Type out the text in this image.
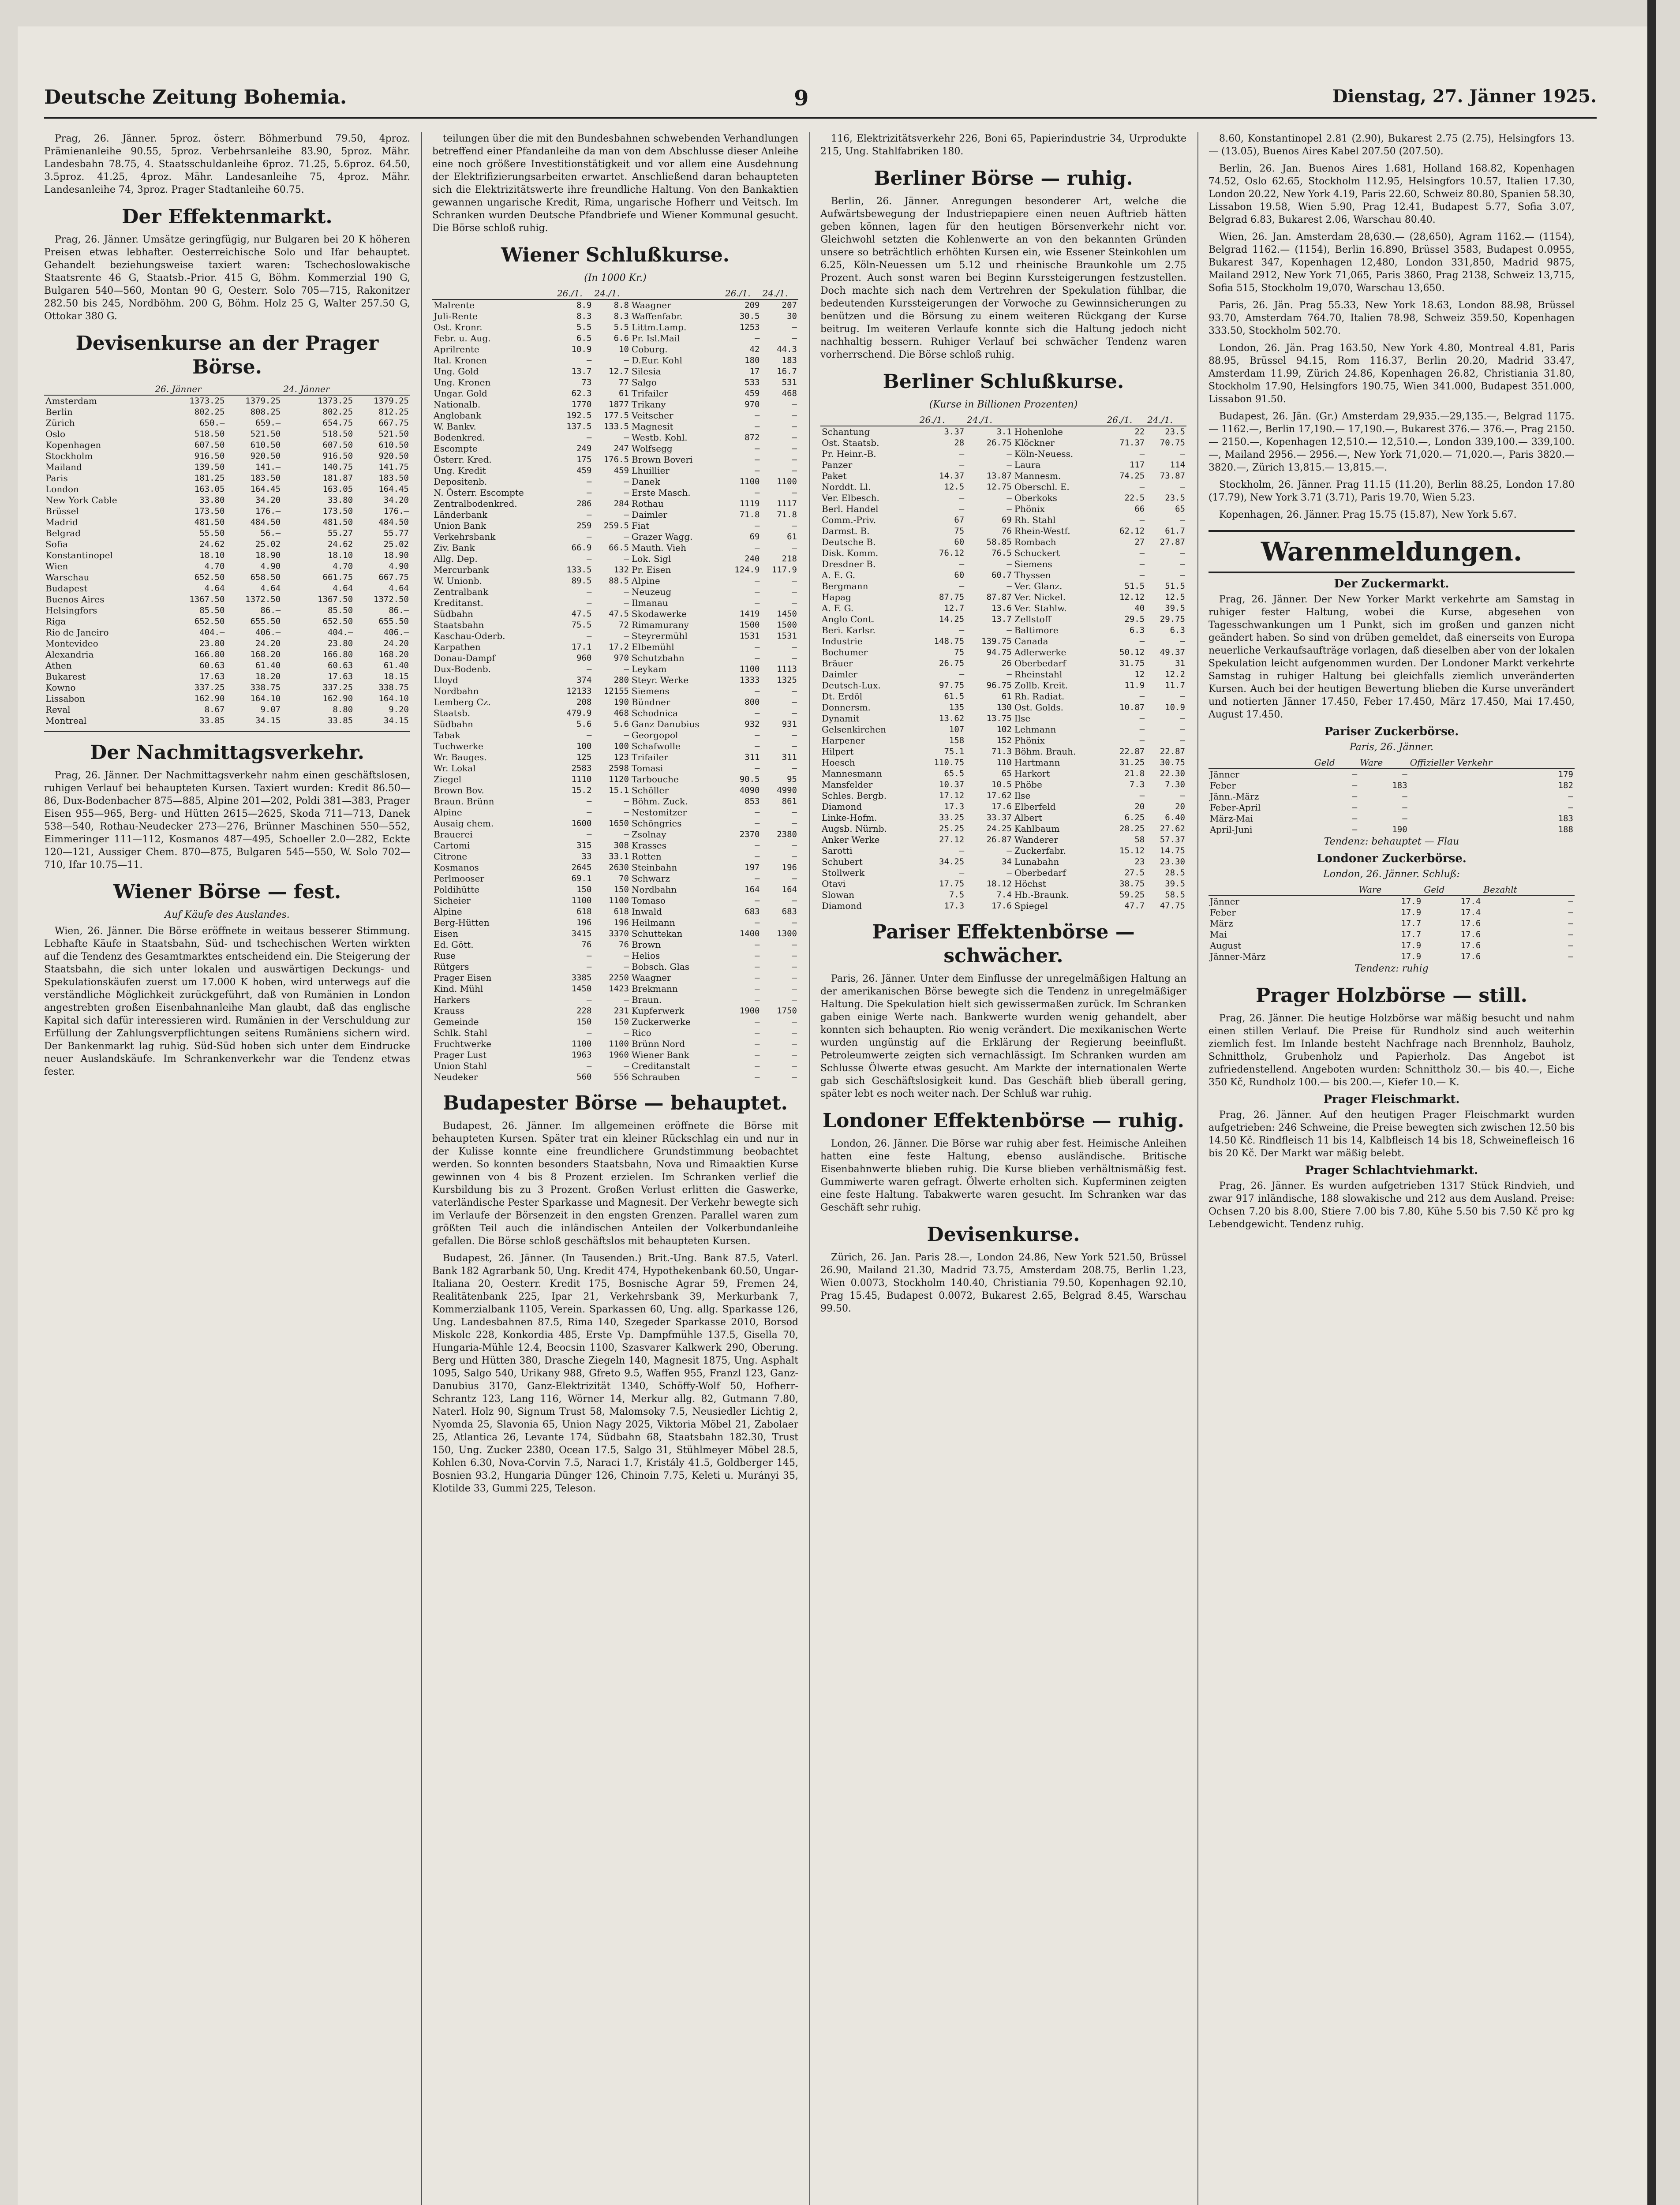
Deutsche Zeitung Bohemia.	9	Dienstag, 27. Jänner 1925.

Prag, 26. Jänner. 5proz. österr. Böhmerbund 79.50, 4proz. Prämienanleihe 90.55, 5proz. Verbehrsanleihe 83.90, 5proz. Mähr. Landesbahn 78.75, 4. Staatsschuldanleihe 6proz. 71.25, 5.6proz. 64.50, 3.5proz. 41.25, 4proz. Mähr. Landesanleihe 75, 4proz. Mähr. Landesanleihe 74, 3proz. Prager Stadtanleihe 60.75.

Der Effektenmarkt.

Prag, 26. Jänner. Umsätze geringfügig, nur Bulgaren bei 20 K höheren Preisen etwas lebhafter. Oesterreichische Solo und Ifar behauptet. Gehandelt beziehungsweise taxiert waren: Tschechoslowakische Staatsrente 46 G, Staatsb.-Prior. 415 G, Böhm. Kommerzial 190 G, Bulgaren 540—560, Montan 90 G, Oesterr. Solo 705—715, Rakonitzer 282.50 bis 245, Nordböhm. 200 G, Böhm. Holz 25 G, Walter 257.50 G, Ottokar 380 G.

Devisenkurse an der Prager Börse.
	26. Jänner		24. Jänner	
Amsterdam	1373.25	1379.25	1373.25	1379.25
Berlin	802.25	808.25	802.25	812.25
Zürich	650.—	659.—	654.75	667.75
Oslo	518.50	521.50	518.50	521.50
Kopenhagen	607.50	610.50	607.50	610.50
Stockholm	916.50	920.50	916.50	920.50
Mailand	139.50	141.—	140.75	141.75
Paris	181.25	183.50	181.87	183.50
London	163.05	164.45	163.05	164.45
New York Cable	33.80	34.20	33.80	34.20
Brüssel	173.50	176.—	173.50	176.—
Madrid	481.50	484.50	481.50	484.50
Belgrad	55.50	56.—	55.27	55.77
Sofia	24.62	25.02	24.62	25.02
Konstantinopel	18.10	18.90	18.10	18.90
Wien	4.70	4.90	4.70	4.90
Warschau	652.50	658.50	661.75	667.75
Budapest	4.64	4.64	4.64	4.64
Buenos Aires	1367.50	1372.50	1367.50	1372.50
Helsingfors	85.50	86.—	85.50	86.—
Riga	652.50	655.50	652.50	655.50
Rio de Janeiro	404.—	406.—	404.—	406.—
Montevideo	23.80	24.20	23.80	24.20
Alexandria	166.80	168.20	166.80	168.20
Athen	60.63	61.40	60.63	61.40
Bukarest	17.63	18.20	17.63	18.15
Kowno	337.25	338.75	337.25	338.75
Lissabon	162.90	164.10	162.90	164.10
Reval	8.67	9.07	8.80	9.20
Montreal	33.85	34.15	33.85	34.15
Der Nachmittagsverkehr.

Prag, 26. Jänner. Der Nachmittagsverkehr nahm einen geschäftslosen, ruhigen Verlauf bei behaupteten Kursen. Taxiert wurden: Kredit 86.50—86, Dux-Bodenbacher 875—885, Alpine 201—202, Poldi 381—383, Prager Eisen 955—965, Berg- und Hütten 2615—2625, Skoda 711—713, Danek 538—540, Rothau-Neudecker 273—276, Brünner Maschinen 550—552, Eimmeringer 111—112, Kosmanos 487—495, Schoeller 2.0—282, Eckte 120—121, Aussiger Chem. 870—875, Bulgaren 545—550, W. Solo 702—710, Ifar 10.75—11.

Wiener Börse — fest.
Auf Käufe des Auslandes.

Wien, 26. Jänner. Die Börse eröffnete in weitaus besserer Stimmung. Lebhafte Käufe in Staatsbahn, Süd- und tschechischen Werten wirkten auf die Tendenz des Gesamtmarktes entscheidend ein. Die Steigerung der Staatsbahn, die sich unter lokalen und auswärtigen Deckungs- und Spekulationskäufen zuerst um 17.000 K hoben, wird unterwegs auf die verständliche Möglichkeit zurückgeführt, daß von Rumänien in London angestrebten großen Eisenbahnanleihe Man glaubt, daß das englische Kapital sich dafür interessieren wird. Rumänien in der Verschuldung zur Erfüllung der Zahlungsverpflichtungen seitens Rumäniens sichern wird. Der Bankenmarkt lag ruhig. Süd-Süd hoben sich unter dem Eindrucke neuer Auslandskäufe. Im Schrankenverkehr war die Tendenz etwas fester.

teilungen über die mit den Bundesbahnen schwebenden Verhandlungen betreffend einer Pfandanleihe da man von dem Abschlusse dieser Anleihe eine noch größere Investitionstätigkeit und vor allem eine Ausdehnung der Elektrifizierungsarbeiten erwartet. Anschließend daran behaupteten sich die Elektrizitätswerte ihre freundliche Haltung. Von den Bankaktien gewannen ungarische Kredit, Rima, ungarische Hofherr und Veitsch. Im Schranken wurden Deutsche Pfandbriefe und Wiener Kommunal gesucht. Die Börse schloß ruhig.

Wiener Schlußkurse.
(In 1000 Kr.)
	26./1.	24./1.		26./1.	24./1.
Malrente	8.9	8.8	Waagner	209	207
Juli-Rente	8.3	8.3	Waffenfabr.	30.5	30
Ost. Kronr.	5.5	5.5	Littm.Lamp.	1253	—
Febr. u. Aug.	6.5	6.6	Pr. Isl.Mail	—	—
Aprilrente	10.9	10	Coburg.	42	44.3
Ital. Kronen	—	—	D.Eur. Kohl	180	183
Ung. Gold	13.7	12.7	Silesia	17	16.7
Ung. Kronen	73	77	Salgo	533	531
Ungar. Gold	62.3	61	Trifailer	459	468
Nationalb.	1770	1877	Trikany	970	—
Anglobank	192.5	177.5	Veitscher	—	—
W. Bankv.	137.5	133.5	Magnesit	—	—
Bodenkred.	—	—	Westb. Kohl.	872	—
Escompte	249	247	Wolfsegg	—	—
Österr. Kred.	175	176.5	Brown Boveri	—	—
Ung. Kredit	459	459	Lhuillier	—	—
Depositenb.	—	—	Danek	1100	1100
N. Österr. Escompte	—	—	Erste Masch.	—	—
Zentralbodenkred.	286	284	Rothau	1119	1117
Länderbank	—	—	Daimler	71.8	71.8
Union Bank	259	259.5	Fiat	—	—
Verkehrsbank	—	—	Grazer Wagg.	69	61
Ziv. Bank	66.9	66.5	Mauth. Vieh	—	—
Allg. Dep.	—	—	Lok. Sigl	240	218
Mercurbank	133.5	132	Pr. Eisen	124.9	117.9
W. Unionb.	89.5	88.5	Alpine	—	—
Zentralbank	—	—	Neuzeug	—	—
Kreditanst.	—	—	Ilmanau	—	—
Südbahn	47.5	47.5	Skodawerke	1419	1450
Staatsbahn	75.5	72	Rimamurany	1500	1500
Kaschau-Oderb.	—	—	Steyrermühl	1531	1531
Karpathen	17.1	17.2	Elbemühl	—	—
Donau-Dampf	960	970	Schutzbahn	—	—
Dux-Bodenb.	—	—	Leykam	1100	1113
Lloyd	374	280	Steyr. Werke	1333	1325
Nordbahn	12133	12155	Siemens	—	—
Lemberg Cz.	208	190	Bündner	800	—
Staatsb.	479.9	468	Schodnica	—	—
Südbahn	5.6	5.6	Ganz Danubius	932	931
Tabak	—	—	Georgopol	—	—
Tuchwerke	100	100	Schafwolle	—	—
Wr. Bauges.	125	123	Trifailer	311	311
Wr. Lokal	2583	2598	Tomasi	—	—
Ziegel	1110	1120	Tarbouche	90.5	95
Brown Bov.	15.2	15.1	Schöller	4090	4990
Braun. Brünn	—	—	Böhm. Zuck.	853	861
Alpine	—	—	Nestomitzer	—	—
Ausaig chem.	1600	1650	Schöngries	—	—
Brauerei	—	—	Zsolnay	2370	2380
Cartomi	315	308	Krasses	—	—
Citrone	33	33.1	Rotten	—	—
Kosmanos	2645	2630	Steinbahn	197	196
Perlmooser	69.1	70	Schwarz	—	—
Poldihütte	150	150	Nordbahn	164	164
Sicheier	1100	1100	Tomaso	—	—
Alpine	618	618	Inwald	683	683
Berg-Hütten	196	196	Heilmann	—	—
Eisen	3415	3370	Schuttekan	1400	1300
Ed. Gött.	76	76	Brown	—	—
Ruse	—	—	Helios	—	—
Rütgers	—	—	Bobsch. Glas	—	—
Prager Eisen	3385	2250	Waagner	—	—
Kind. Mühl	1450	1423	Brekmann	—	—
Harkers	—	—	Braun.	—	—
Krauss	228	231	Kupferwerk	1900	1750
Gemeinde	150	150	Zuckerwerke	—	—
Schlk. Stahl	—	—	Rico	—	—
Fruchtwerke	1100	1100	Brünn Nord	—	—
Prager Lust	1963	1960	Wiener Bank	—	—
Union Stahl	—	—	Creditanstalt	—	—
Neudeker	560	556	Schrauben	—	—
Budapester Börse — behauptet.

Budapest, 26. Jänner. Im allgemeinen eröffnete die Börse mit behaupteten Kursen. Später trat ein kleiner Rückschlag ein und nur in der Kulisse konnte eine freundlichere Grundstimmung beobachtet werden. So konnten besonders Staatsbahn, Nova und Rimaaktien Kurse gewinnen von 4 bis 8 Prozent erzielen. Im Schranken verlief die Kursbildung bis zu 3 Prozent. Großen Verlust erlitten die Gaswerke, vaterländische Pester Sparkasse und Magnesit. Der Verkehr bewegte sich im Verlaufe der Börsenzeit in den engsten Grenzen. Parallel waren zum größten Teil auch die inländischen Anteilen der Volkerbundanleihe gefallen. Die Börse schloß geschäftslos mit behaupteten Kursen.

Budapest, 26. Jänner. (In Tausenden.) Brit.-Ung. Bank 87.5, Vaterl. Bank 182 Agrarbank 50, Ung. Kredit 474, Hypothekenbank 60.50, Ungar-Italiana 20, Oesterr. Kredit 175, Bosnische Agrar 59, Fremen 24, Realitätenbank 225, Ipar 21, Verkehrsbank 39, Merkurbank 7, Kommerzialbank 1105, Verein. Sparkassen 60, Ung. allg. Sparkasse 126, Ung. Landesbahnen 87.5, Rima 140, Szegeder Sparkasse 2010, Borsod Miskolc 228, Konkordia 485, Erste Vp. Dampfmühle 137.5, Gisella 70, Hungaria-Mühle 12.4, Beocsin 1100, Szasvarer Kalkwerk 290, Oberung. Berg und Hütten 380, Drasche Ziegeln 140, Magnesit 1875, Ung. Asphalt 1095, Salgo 540, Urikany 988, Gfreto 9.5, Waffen 955, Franzl 123, Ganz-Danubius 3170, Ganz-Elektrizität 1340, Schöffy-Wolf 50, Hofherr-Schrantz 123, Lang 116, Wörner 14, Merkur allg. 82, Gutmann 7.80, Naterl. Holz 90, Signum Trust 58, Malomsoky 7.5, Neusiedler Lichtig 2, Nyomda 25, Slavonia 65, Union Nagy 2025, Viktoria Möbel 21, Zabolaer 25, Atlantica 26, Levante 174, Südbahn 68, Staatsbahn 182.30, Trust 150, Ung. Zucker 2380, Ocean 17.5, Salgo 31, Stühlmeyer Möbel 28.5, Kohlen 6.30, Nova-Corvin 7.5, Naraci 1.7, Kristály 41.5, Goldberger 145, Bosnien 93.2, Hungaria Dünger 126, Chinoin 7.75, Keleti u. Murányi 35, Klotilde 33, Gummi 225, Teleson.

116, Elektrizitätsverkehr 226, Boni 65, Papierindustrie 34, Urprodukte 215, Ung. Stahlfabriken 180.

Berliner Börse — ruhig.

Berlin, 26. Jänner. Anregungen besonderer Art, welche die Aufwärtsbewegung der Industriepapiere einen neuen Auftrieb hätten geben können, lagen für den heutigen Börsenverkehr nicht vor. Gleichwohl setzten die Kohlenwerte an von den bekannten Gründen unsere so beträchtlich erhöhten Kursen ein, wie Essener Steinkohlen um 6.25, Köln-Neuessen um 5.12 und rheinische Braunkohle um 2.75 Prozent. Auch sonst waren bei Beginn Kurssteigerungen festzustellen. Doch machte sich nach dem Vertrehren der Spekulation fühlbar, die bedeutenden Kurssteigerungen der Vorwoche zu Gewinnsicherungen zu benützen und die Börsung zu einem weiteren Rückgang der Kurse beitrug. Im weiteren Verlaufe konnte sich die Haltung jedoch nicht nachhaltig bessern. Ruhiger Verlauf bei schwächer Tendenz waren vorherrschend. Die Börse schloß ruhig.

Berliner Schlußkurse.
(Kurse in Billionen Prozenten)
	26./1.	24./1.		26./1.	24./1.
Schantung	3.37	3.1	Hohenlohe	22	23.5
Ost. Staatsb.	28	26.75	Klöckner	71.37	70.75
Pr. Heinr.-B.	—	—	Köln-Neuess.	—	—
Panzer	—	—	Laura	117	114
Paket	14.37	13.87	Mannesm.	74.25	73.87
Norddt. Ll.	12.5	12.75	Oberschl. E.	—	—
Ver. Elbesch.	—	—	Oberkoks	22.5	23.5
Berl. Handel	—	—	Phönix	66	65
Comm.-Priv.	67	69	Rh. Stahl	—	—
Darmst. B.	75	76	Rhein-Westf.	62.12	61.7
Deutsche B.	60	58.85	Rombach	27	27.87
Disk. Komm.	76.12	76.5	Schuckert	—	—
Dresdner B.	—	—	Siemens	—	—
A. E. G.	60	60.7	Thyssen	—	—
Bergmann	—	—	Ver. Glanz.	51.5	51.5
Hapag	87.75	87.87	Ver. Nickel.	12.12	12.5
A. F. G.	12.7	13.6	Ver. Stahlw.	40	39.5
Anglo Cont.	14.25	13.7	Zellstoff	29.5	29.75
Beri. Karlsr.	—	—	Baltimore	6.3	6.3
Industrie	148.75	139.75	Canada	—	—
Bochumer	75	94.75	Adlerwerke	50.12	49.37
Bräuer	26.75	26	Oberbedarf	31.75	31
Daimler	—	—	Rheinstahl	12	12.2
Deutsch-Lux.	97.75	96.75	Zollb. Kreit.	11.9	11.7
Dt. Erdöl	61.5	61	Rh. Radiat.	—	—
Donnersm.	135	130	Ost. Golds.	10.87	10.9
Dynamit	13.62	13.75	Ilse	—	—
Gelsenkirchen	107	102	Lehmann	—	—
Harpener	158	152	Phönix	—	—
Hilpert	75.1	71.3	Böhm. Brauh.	22.87	22.87
Hoesch	110.75	110	Hartmann	31.25	30.75
Mannesmann	65.5	65	Harkort	21.8	22.30
Mansfelder	10.37	10.5	Phöbe	7.3	7.30
Schles. Bergb.	17.12	17.62	Ilse	—	—
Diamond	17.3	17.6	Elberfeld	20	20
Linke-Hofm.	33.25	33.37	Albert	6.25	6.40
Augsb. Nürnb.	25.25	24.25	Kahlbaum	28.25	27.62
Anker Werke	27.12	26.87	Wanderer	58	57.37
Sarotti	—	—	Zuckerfabr.	15.12	14.75
Schubert	34.25	34	Lunabahn	23	23.30
Stollwerk	—	—	Oberbedarf	27.5	28.5
Otavi	17.75	18.12	Höchst	38.75	39.5
Slowan	7.5	7.4	Hb.-Braunk.	59.25	58.5
Diamond	17.3	17.6	Spiegel	47.7	47.75
Pariser Effektenbörse — schwächer.

Paris, 26. Jänner. Unter dem Einflusse der unregelmäßigen Haltung an der amerikanischen Börse bewegte sich die Tendenz in unregelmäßiger Haltung. Die Spekulation hielt sich gewissermaßen zurück. Im Schranken gaben einige Werte nach. Bankwerte wurden wenig gehandelt, aber konnten sich behaupten. Rio wenig verändert. Die mexikanischen Werte wurden ungünstig auf die Erklärung der Regierung beeinflußt. Petroleumwerte zeigten sich vernachlässigt. Im Schranken wurden am Schlusse Ölwerte etwas gesucht. Am Markte der internationalen Werte gab sich Geschäftslosigkeit kund. Das Geschäft blieb überall gering, später lebt es noch weiter nach. Der Schluß war ruhig.

Londoner Effektenbörse — ruhig.

London, 26. Jänner. Die Börse war ruhig aber fest. Heimische Anleihen hatten eine feste Haltung, ebenso ausländische. Britische Eisenbahnwerte blieben ruhig. Die Kurse blieben verhältnismäßig fest. Gummiwerte waren gefragt. Ölwerte erholten sich. Kupferminen zeigten eine feste Haltung. Tabakwerte waren gesucht. Im Schranken war das Geschäft sehr ruhig.

Devisenkurse.

Zürich, 26. Jan. Paris 28.—, London 24.86, New York 521.50, Brüssel 26.90, Mailand 21.30, Madrid 73.75, Amsterdam 208.75, Berlin 1.23, Wien 0.0073, Stockholm 140.40, Christiania 79.50, Kopenhagen 92.10, Prag 15.45, Budapest 0.0072, Bukarest 2.65, Belgrad 8.45, Warschau 99.50.

8.60, Konstantinopel 2.81 (2.90), Bukarest 2.75 (2.75), Helsingfors 13.— (13.05), Buenos Aires Kabel 207.50 (207.50).

Berlin, 26. Jan. Buenos Aires 1.681, Holland 168.82, Kopenhagen 74.52, Oslo 62.65, Stockholm 112.95, Helsingfors 10.57, Italien 17.30, London 20.22, New York 4.19, Paris 22.60, Schweiz 80.80, Spanien 58.30, Lissabon 19.58, Wien 5.90, Prag 12.41, Budapest 5.77, Sofia 3.07, Belgrad 6.83, Bukarest 2.06, Warschau 80.40.

Wien, 26. Jan. Amsterdam 28,630.— (28,650), Agram 1162.— (1154), Belgrad 1162.— (1154), Berlin 16.890, Brüssel 3583, Budapest 0.0955, Bukarest 347, Kopenhagen 12,480, London 331,850, Madrid 9875, Mailand 2912, New York 71,065, Paris 3860, Prag 2138, Schweiz 13,715, Sofia 515, Stockholm 19,070, Warschau 13,650.

Paris, 26. Jän. Prag 55.33, New York 18.63, London 88.98, Brüssel 93.70, Amsterdam 764.70, Italien 78.98, Schweiz 359.50, Kopenhagen 333.50, Stockholm 502.70.

London, 26. Jän. Prag 163.50, New York 4.80, Montreal 4.81, Paris 88.95, Brüssel 94.15, Rom 116.37, Berlin 20.20, Madrid 33.47, Amsterdam 11.99, Zürich 24.86, Kopenhagen 26.82, Christiania 31.80, Stockholm 17.90, Helsingfors 190.75, Wien 341.000, Budapest 351.000, Lissabon 91.50.

Budapest, 26. Jän. (Gr.) Amsterdam 29,935.—29,135.—, Belgrad 1175.— 1162.—, Berlin 17,190.— 17,190.—, Bukarest 376.— 376.—, Prag 2150.— 2150.—, Kopenhagen 12,510.— 12,510.—, London 339,100.— 339,100.—, Mailand 2956.— 2956.—, New York 71,020.— 71,020.—, Paris 3820.— 3820.—, Zürich 13,815.— 13,815.—.

Stockholm, 26. Jänner. Prag 11.15 (11.20), Berlin 88.25, London 17.80 (17.79), New York 3.71 (3.71), Paris 19.70, Wien 5.23.

Kopenhagen, 26. Jänner. Prag 15.75 (15.87), New York 5.67.

Warenmeldungen.
Der Zuckermarkt.

Prag, 26. Jänner. Der New Yorker Markt verkehrte am Samstag in ruhiger fester Haltung, wobei die Kurse, abgesehen von Tagesschwankungen um 1 Punkt, sich im großen und ganzen nicht geändert haben. So sind von drüben gemeldet, daß einerseits von Europa neuerliche Verkaufsaufträge vorlagen, daß dieselben aber von der lokalen Spekulation leicht aufgenommen wurden. Der Londoner Markt verkehrte Samstag in ruhiger Haltung bei gleichfalls ziemlich unveränderten Kursen. Auch bei der heutigen Bewertung blieben die Kurse unverändert und notierten Jänner 17.450, Feber 17.450, März 17.450, Mai 17.450, August 17.450.

Pariser Zuckerbörse.
Paris, 26. Jänner.
	Geld	Ware	Offizieller Verkehr
Jänner	—	—	179
Feber	—	183	182
Jänn.-März	—	—	—
Feber-April	—	—	—
März-Mai	—	—	183
April-Juni	—	190	188
Tendenz: behauptet — Flau
Londoner Zuckerbörse.
London, 26. Jänner. Schluß:
	Ware	Geld	Bezahlt
Jänner	17.9	17.4	—
Feber	17.9	17.4	—
März	17.7	17.6	—
Mai	17.7	17.6	—
August	17.9	17.6	—
Jänner-März	17.9	17.6	—
Tendenz: ruhig
Prager Holzbörse — still.

Prag, 26. Jänner. Die heutige Holzbörse war mäßig besucht und nahm einen stillen Verlauf. Die Preise für Rundholz sind auch weiterhin ziemlich fest. Im Inlande besteht Nachfrage nach Brennholz, Bauholz, Schnittholz, Grubenholz und Papierholz. Das Angebot ist zufriedenstellend. Angeboten wurden: Schnittholz 30.— bis 40.—, Eiche 350 Kč, Rundholz 100.— bis 200.—, Kiefer 10.— K.

Prager Fleischmarkt.

Prag, 26. Jänner. Auf den heutigen Prager Fleischmarkt wurden aufgetrieben: 246 Schweine, die Preise bewegten sich zwischen 12.50 bis 14.50 Kč. Rindfleisch 11 bis 14, Kalbfleisch 14 bis 18, Schweinefleisch 16 bis 20 Kč. Der Markt war mäßig belebt.

Prager Schlachtviehmarkt.

Prag, 26. Jänner. Es wurden aufgetrieben 1317 Stück Rindvieh, und zwar 917 inländische, 188 slowakische und 212 aus dem Ausland. Preise: Ochsen 7.20 bis 8.00, Stiere 7.00 bis 7.80, Kühe 5.50 bis 7.50 Kč pro kg Lebendgewicht. Tendenz ruhig.
